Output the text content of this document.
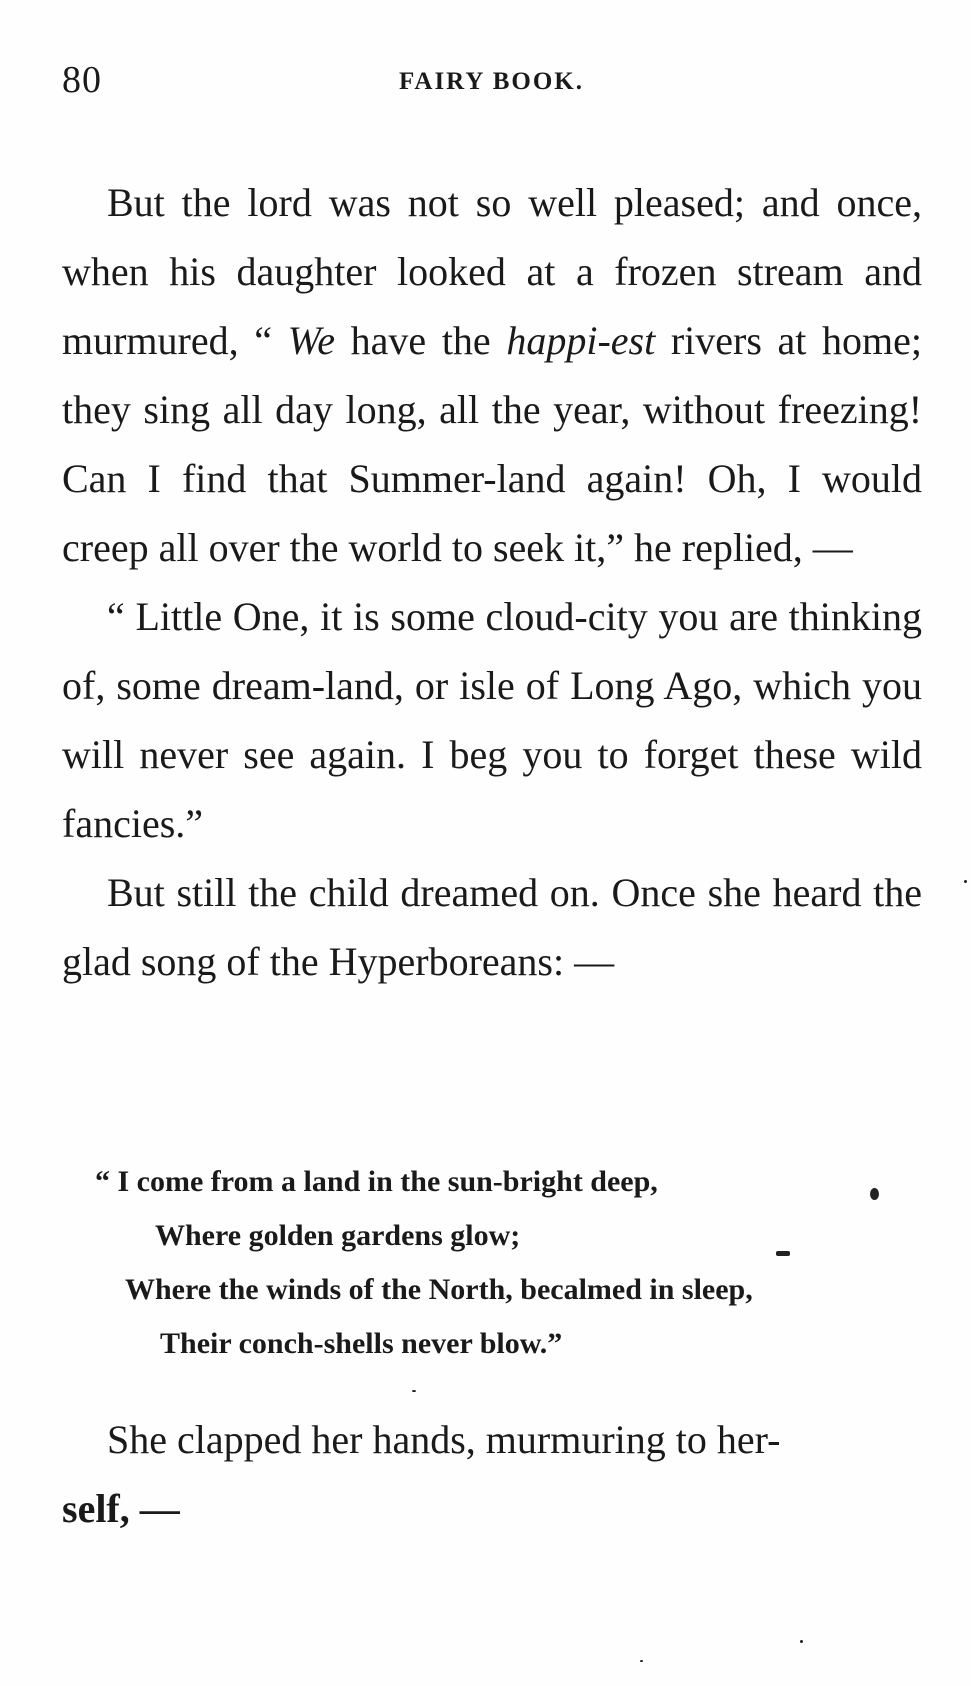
80	FAIRY BOOK.

But the lord was not so well pleased; and once, when his daughter looked at a frozen stream and murmured, “ We have the happi-est rivers at home; they sing all day long, all the year, without freezing! Can I find that Summer-land again! Oh, I would creep all over the world to seek it,” he replied, —

“ Little One, it is some cloud-city you are thinking of, some dream-land, or isle of Long Ago, which you will never see again. I beg you to forget these wild fancies.”

But still the child dreamed on. Once she heard the glad song of the Hyperboreans: —

“ I come from a land in the sun-bright deep,
Where golden gardens glow;
Where the winds of the North, becalmed in sleep,
Their conch-shells never blow.”

She clapped her hands, murmuring to her-

self, —
